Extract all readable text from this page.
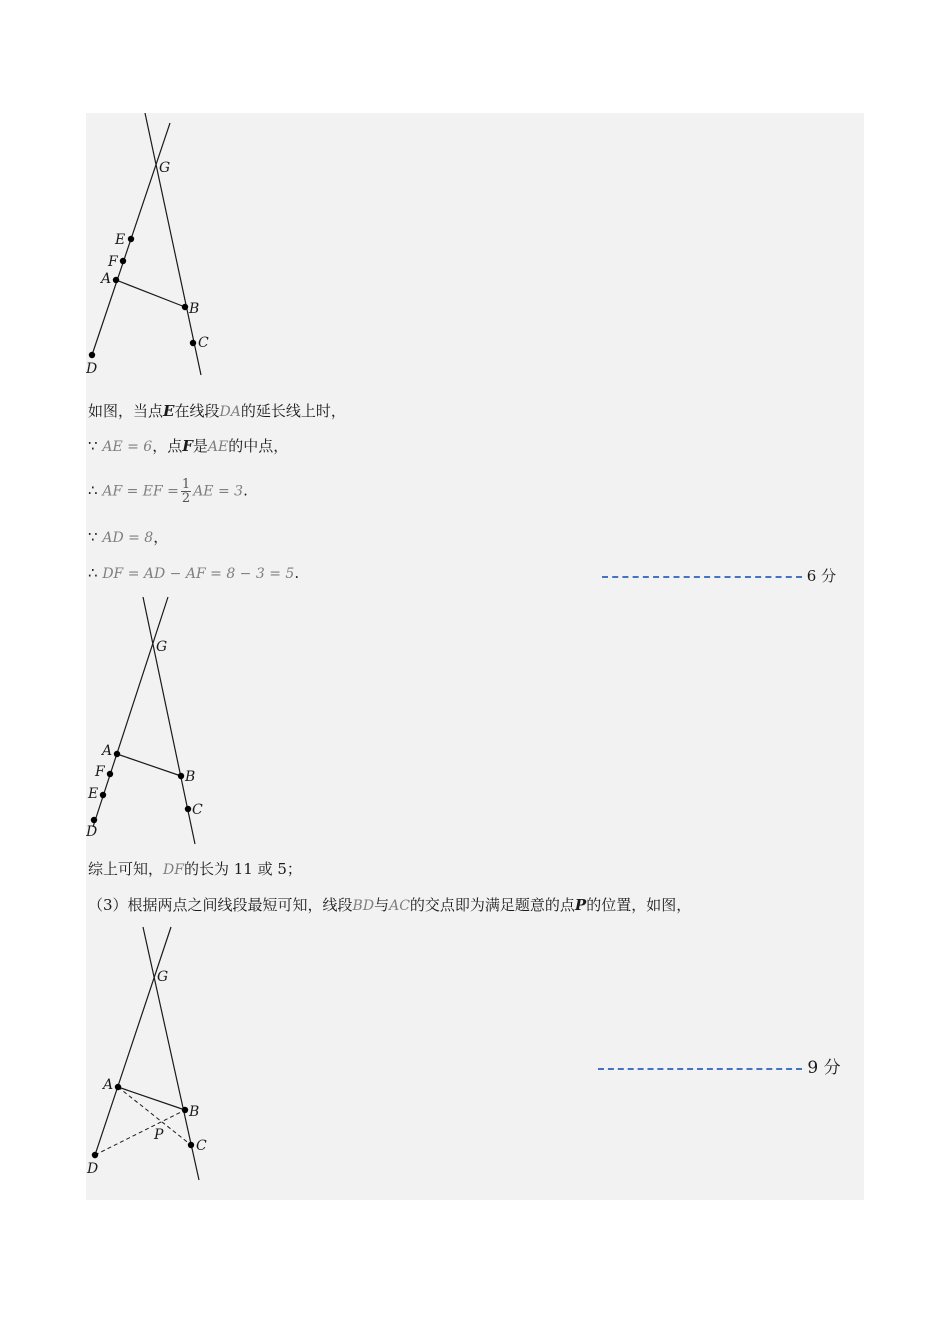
G
E
F
A
B
C
D
如图，当点E在线段DA的延长线上时，
∵ AE = 6，点F是AE的中点，
∴ AF = EF = $\frac{1}{2}$ AE = 3.
∵ AD = 8，
∴ DF = AD − AF = 8 − 3 = 5.	6 分
G
A
F
E
B
C
D
综上可知，DF的长为 11 或 5；
（3）根据两点之间线段最短可知，线段BD与AC的交点即为满足题意的点P的位置，如图，
G
A
B
P
C
D
9 分
